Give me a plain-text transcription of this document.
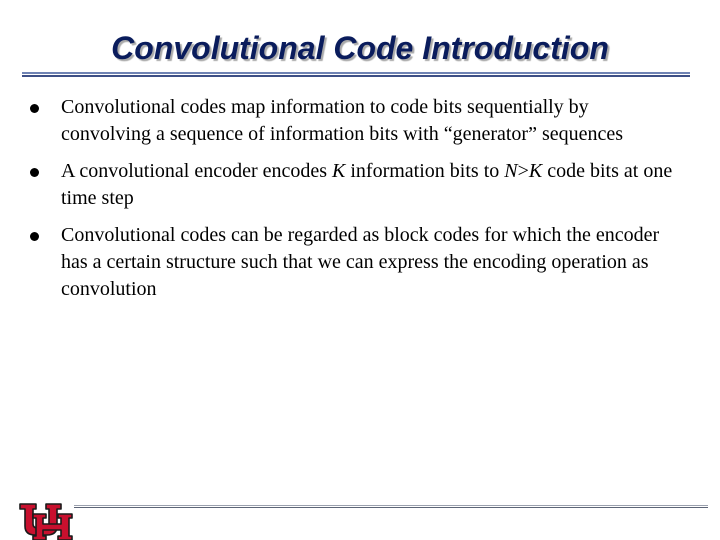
Convolutional Code Introduction
Convolutional codes map information to code bits sequentially by convolving a sequence of information bits with “generator” sequences
A convolutional encoder encodes K information bits to N>K code bits at one time step
Convolutional codes can be regarded as block codes for which the encoder has a certain structure such that we can express the encoding operation as convolution
